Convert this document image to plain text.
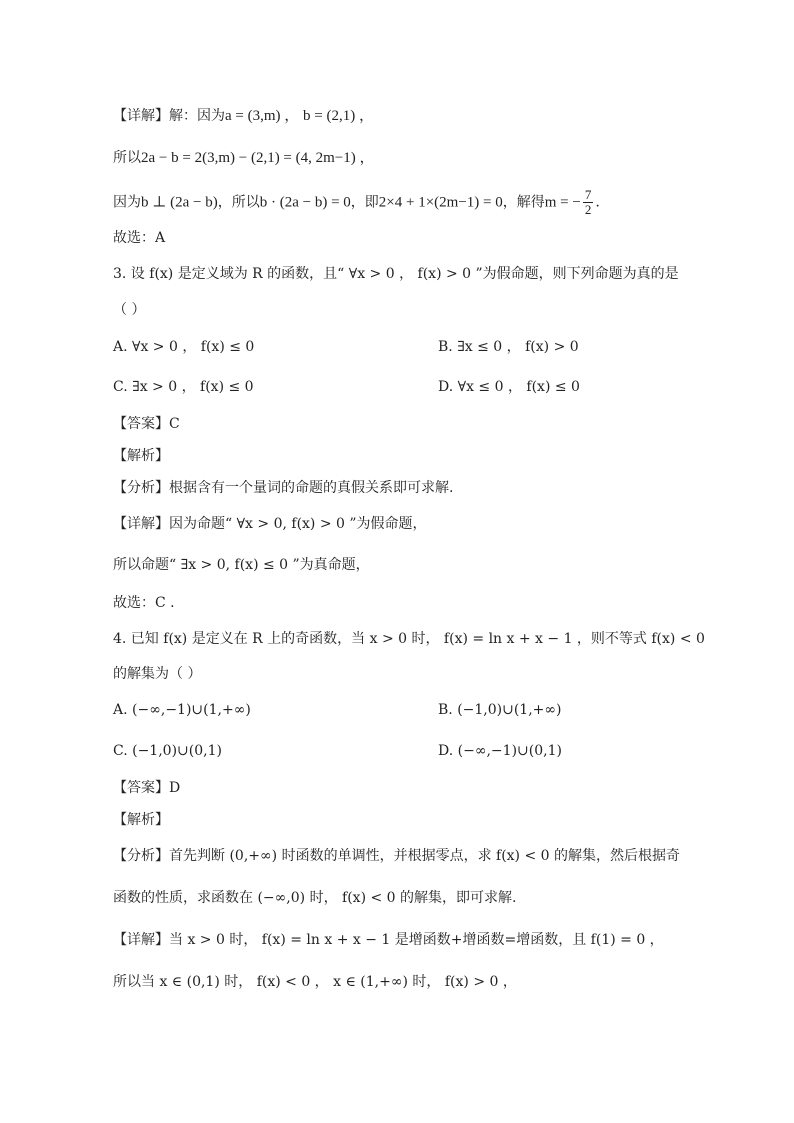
【详解】解：因为a = (3,m) ， b = (2,1) ，
所以2a − b = 2(3,m) − (2,1) = (4, 2m−1) ，
因为b ⊥ (2a − b)，所以b · (2a − b) = 0，即2×4 + 1×(2m−1) = 0，解得m = − $\frac{7}{2}$ .
故选：A
3. 设 f(x) 是定义域为 R 的函数，且“ ∀x > 0 ， f(x) > 0 ”为假命题，则下列命题为真的是
（ ）
A. ∀x > 0 ， f(x) ≤ 0	B. ∃x ≤ 0 ， f(x) > 0
C. ∃x > 0 ， f(x) ≤ 0	D. ∀x ≤ 0 ， f(x) ≤ 0
【答案】C
【解析】
【分析】根据含有一个量词的命题的真假关系即可求解.
【详解】因为命题“ ∀x > 0, f(x) > 0 ”为假命题，
所以命题“ ∃x > 0, f(x) ≤ 0 ”为真命题，
故选：C .
4. 已知 f(x) 是定义在 R 上的奇函数，当 x > 0 时， f(x) = ln x + x − 1 ，则不等式 f(x) < 0
的解集为（ ）
A. (−∞,−1)∪(1,+∞)	B. (−1,0)∪(1,+∞)
C. (−1,0)∪(0,1)	D. (−∞,−1)∪(0,1)
【答案】D
【解析】
【分析】首先判断 (0,+∞) 时函数的单调性，并根据零点，求 f(x) < 0 的解集，然后根据奇
函数的性质，求函数在 (−∞,0) 时， f(x) < 0 的解集，即可求解.
【详解】当 x > 0 时， f(x) = ln x + x − 1 是增函数+增函数=增函数，且 f(1) = 0 ，
所以当 x ∈ (0,1) 时， f(x) < 0 ， x ∈ (1,+∞) 时， f(x) > 0 ，
